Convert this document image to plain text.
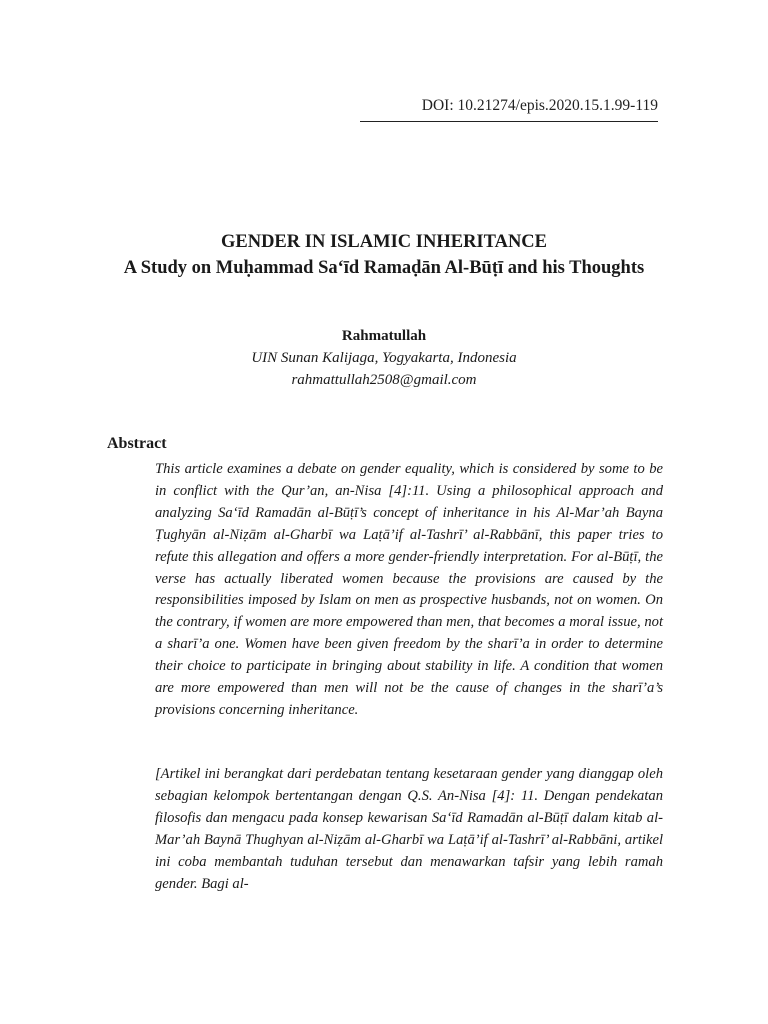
DOI: 10.21274/epis.2020.15.1.99-119
GENDER IN ISLAMIC INHERITANCE
A Study on Muḥammad Sa‘īd Ramaḍān Al-Būṭī and his Thoughts
Rahmatullah
UIN Sunan Kalijaga, Yogyakarta, Indonesia
rahmattullah2508@gmail.com
Abstract
This article examines a debate on gender equality, which is considered by some to be in conflict with the Qur’an, an-Nisa [4]:11. Using a philosophical approach and analyzing Sa‘īd Ramadān al-Būṭī’s concept of inheritance in his Al-Mar’ah Bayna Ṭughyān al-Niẓām al-Gharbī wa Laṭā’if al-Tashrī’ al-Rabbānī, this paper tries to refute this allegation and offers a more gender-friendly interpretation. For al-Būṭī, the verse has actually liberated women because the provisions are caused by the responsibilities imposed by Islam on men as prospective husbands, not on women. On the contrary, if women are more empowered than men, that becomes a moral issue, not a sharī’a one. Women have been given freedom by the sharī’a in order to determine their choice to participate in bringing about stability in life. A condition that women are more empowered than men will not be the cause of changes in the sharī’a’s provisions concerning inheritance.
[Artikel ini berangkat dari perdebatan tentang kesetaraan gender yang dianggap oleh sebagian kelompok bertentangan dengan Q.S. An-Nisa [4]: 11. Dengan pendekatan filosofis dan mengacu pada konsep kewarisan Sa‘īd Ramadān al-Būṭī dalam kitab al-Mar’ah Baynā Thughyan al-Niẓām al-Gharbī wa Laṭā’if al-Tashrī’ al-Rabbāni, artikel ini coba membantah tuduhan tersebut dan menawarkan tafsir yang lebih ramah gender. Bagi al-
